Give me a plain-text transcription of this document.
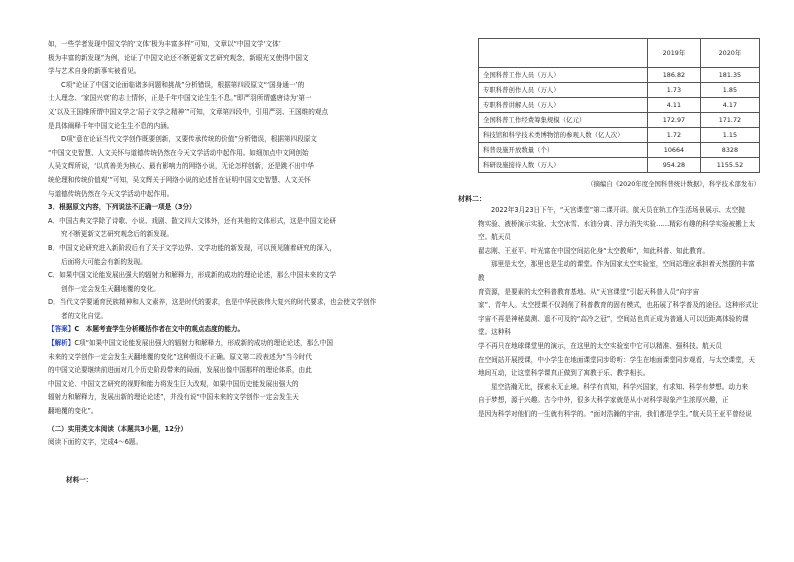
如，一些学者发现中国文学的‘文体’极为丰富多样”可知，文章以“中国文学‘文体’

极为丰富的新发现”为例，论证了中国文论还不断更新文艺研究观念，新眼光又使得中国文

学与艺术自身的新事实被看见。

C项“论证了中国文论面临诸多问题和挑战”分析错误，根据第四段原文“‘国身通一’的

士人理念、‘家国兴衰’的志士情怀，正是千年中国文论生生不息。”即严羽所谓盛唐诗为‘第一

义’以及王国维所谓中国文学之‘屈子文学之精神’”可知，文章第四段中，引用严羽、王国维的观点

是具体阐释千年中国文论生生不息的内涵。

D项“意在论证当代文学创作既要创新，又要传承传统的价值”分析错误，根据第四段原文

“中国文史智慧、人文关怀与道德传统仍然在今天文学活动中起作用。如细加点中文网创始

人吴文辉所说，‘以真善美为核心、最有影响力的网络小说，无论怎样创新，还是跳不出中华

统伦理和传统价值观’”可知，吴文辉关于网络小说的论述旨在证明中国文史智慧、人文关怀

与道德传统仍然在今天文学活动中起作用。

3．根据原文内容，下列说法不正确一项是（3分）

A．中国古典文学除了诗歌、小说、戏剧、散文四大文体外，还有其他的文体形式，这是中国文论研

究不断更新文艺研究观念后的新发现。

B．中国文论研究进入新阶段后有了关于文学边界、文学功能的新发现，可以预见随着研究的深入，

后面将大可能会有新的发现。

C．如果中国文论能发展出强大的辐射力和解释力，形成新的成功的理论论述，那么中国未来的文学

创作一定会发生天翻地覆的变化。

D．当代文学要通育民族精神和人文素养，这是时代的要求，也是中华民族伟大复兴的时代要求，也会使文学创作

者的文化自觉。

【答案】C　本题考查学生分析概括作者在文中的观点态度的能力。

【解析】C项“如果中国文论能发展出强大的辐射力和解释力，形成新的成功的理论论述，那么中国

未来的文学创作一定会发生天翻地覆的变化”这种假设不正确。原文第二段表述为“当今时代

的中国文论要继续前进面对几个历史阶段带来的局面，发展出像中国那样的理论体系，由此

中国文论、中国文艺研究的视野和能力将发生巨大改观，如果中国历史能发展出强大的

辐射力和解释力，发展出新的理论论述”，并没有说“中国未来的文学创作一定会发生天

翻地覆的变化”。

（二）实用类文本阅读（本题共3小题，12分）

阅读下面的文字，完成4～6题。

材料一：

	2019年	2020年
全国科普工作人员（万人）	186.82	181.35
专职科普创作人员（万人）	1.73	1.85
专职科普讲解人员（万人）	4.11	4.17
全国科普工作经费筹集规模（亿元）	172.97	171.72
科技馆和科学技术类博物馆的参观人数（亿人次）	1.72	1.15
科普设施开放数量（个）	10664	8328
科研设施接待人数（万人）	954.28	1155.52
（摘编自《2020年度全国科普统计数据》，科学技术部发布）
材料二：

2022年3月23日下午，“天宫课堂”第二课开讲。航天员在轨工作生活场景展示、太空抛

物实验、液桥演示实验、太空冰雪、水油分离、浮力消失实验……精彩有趣的科学实验被搬上太空。航天员

翟志刚、王亚平、叶光富在中国空间站化身“太空教师”，知此科普、知此教育。

那里是太空，那里也是生动的课堂。作为国家太空实验室，空间站理应承担着天然摆的丰富教

育资源，是要素的太空科普教育基地。从“天宫课堂”引起天科普人员“向宇宙

家”、青年人。太空授课不仅剥削了科普教育的固有模式，也拓展了科学普及的途径。这种形式让

宇宙不再是神秘莫测、遥不可及的“高冷之冠”，空间站也真正成为普通人可以近距离体验的课堂。这种科

学不再只在地球课堂里的演示，在这里的太空实验室中它可以精准、强科技。航天员

在空间站开展授课，中小学生在地面课堂同步聆听：学生在地面课堂同步观看，与太空课堂，天

地间互动，让这堂科学课真正做到了寓教于乐、教学相长。

星空浩瀚无比，探索永无止境。科学有真知，科学兴国家，有求知、科学有梦想。动力来

自于梦想，源于兴趣。古今中外，很多大科学家就是从小对科学现象产生浓厚兴趣，正

是因为科学对他们的一生就有科学的。“面对浩瀚的宇宙，我们都是学生。”航天员王亚平曾经说
